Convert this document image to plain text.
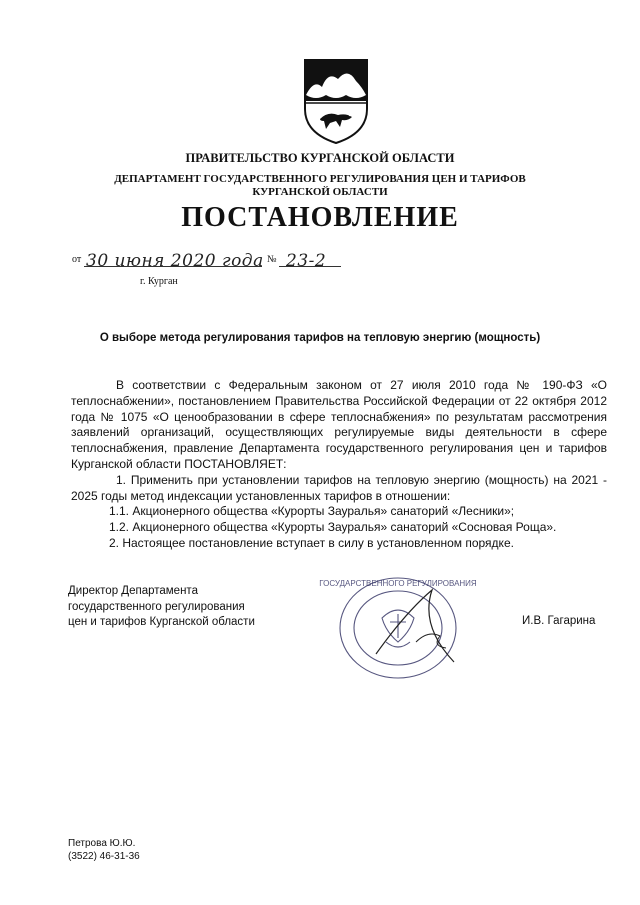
ПРАВИТЕЛЬСТВО КУРГАНСКОЙ ОБЛАСТИ
ДЕПАРТАМЕНТ ГОСУДАРСТВЕННОГО РЕГУЛИРОВАНИЯ ЦЕН И ТАРИФОВ
КУРГАНСКОЙ ОБЛАСТИ
ПОСТАНОВЛЕНИЕ
от 30 июня 2020 года № 23-2
г. Курган
О выборе метода регулирования тарифов на тепловую энергию (мощность)

В соответствии с Федеральным законом от 27 июля 2010 года № 190-ФЗ «О теплоснабжении», постановлением Правительства Российской Федерации от 22 октября 2012 года № 1075 «О ценообразовании в сфере теплоснабжения» по результатам рассмотрения заявлений организаций, осуществляющих регулируемые виды деятельности в сфере теплоснабжения, правление Департамента государственного регулирования цен и тарифов Курганской области ПОСТАНОВЛЯЕТ:

1. Применить при установлении тарифов на тепловую энергию (мощность) на 2021 - 2025 годы метод индексации установленных тарифов в отношении:

1.1. Акционерного общества «Курорты Зауралья» санаторий «Лесники»;

1.2. Акционерного общества «Курорты Зауралья» санаторий «Сосновая Роща».

2. Настоящее постановление вступает в силу в установленном порядке.

Директор Департамента

государственного регулирования

цен и тарифов Курганской области

ГОСУДАРСТВЕННОГО РЕГУЛИРОВАНИЯ
И.В. Гагарина

Петрова Ю.Ю.

(3522) 46-31-36
